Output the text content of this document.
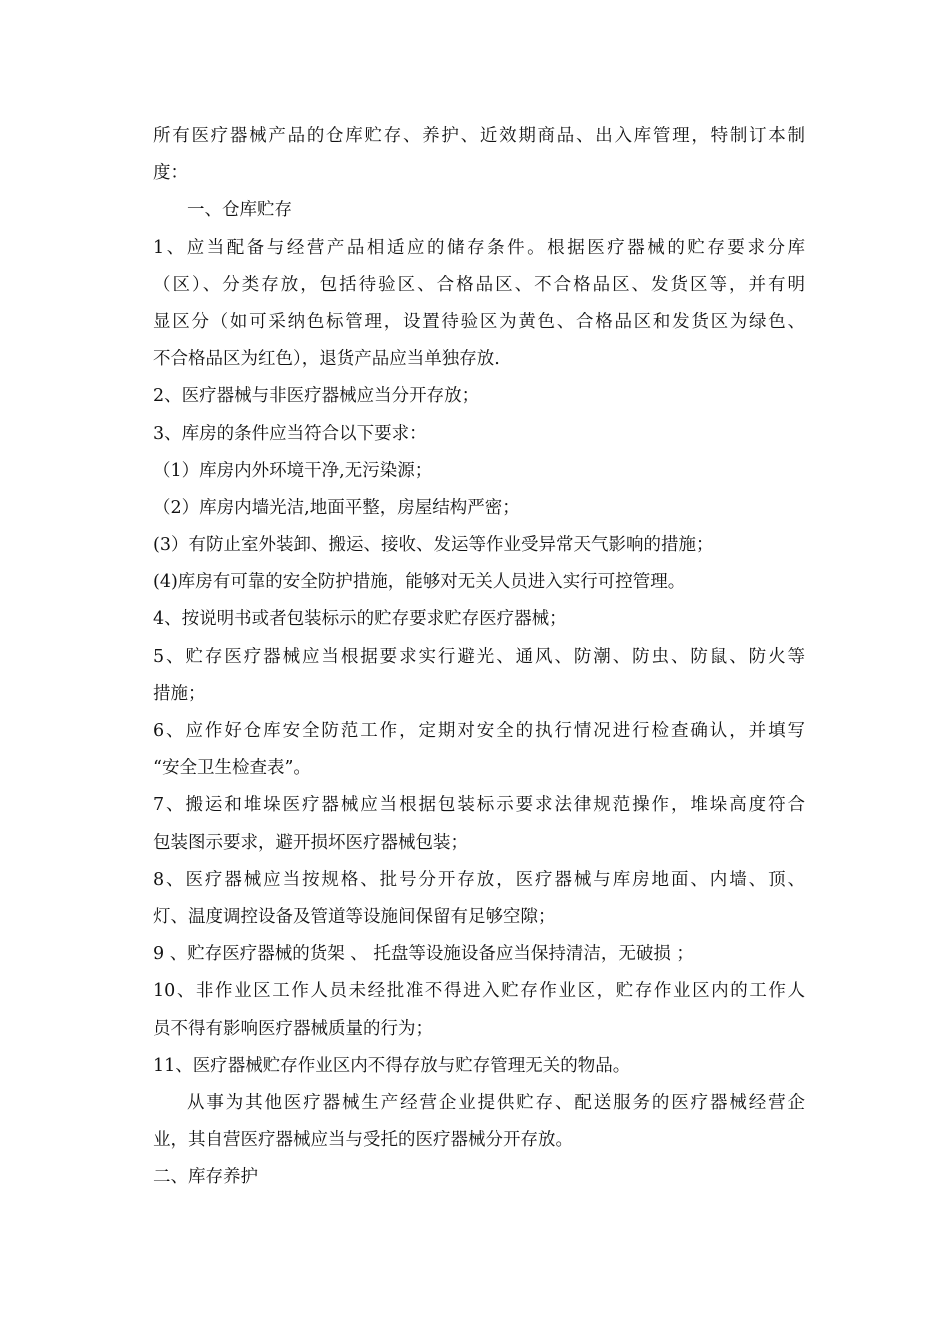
所有医疗器械产品的仓库贮存、养护、近效期商品、出入库管理，特制订本制
度：
一、仓库贮存
1、应当配备与经营产品相适应的储存条件。根据医疗器械的贮存要求分库
（区）、分类存放，包括待验区、合格品区、不合格品区、发货区等，并有明
显区分（如可采纳色标管理，设置待验区为黄色、合格品区和发货区为绿色、
不合格品区为红色），退货产品应当单独存放.
2、医疗器械与非医疗器械应当分开存放；
3、库房的条件应当符合以下要求：
（1）库房内外环境干净,无污染源；
（2）库房内墙光洁,地面平整，房屋结构严密；
(3）有防止室外装卸、搬运、接收、发运等作业受异常天气影响的措施；
(4)库房有可靠的安全防护措施，能够对无关人员进入实行可控管理。
4、按说明书或者包装标示的贮存要求贮存医疗器械；
5、贮存医疗器械应当根据要求实行避光、通风、防潮、防虫、防鼠、防火等
措施；
6、应作好仓库安全防范工作，定期对安全的执行情况进行检查确认，并填写
“安全卫生检查表”。
7、搬运和堆垛医疗器械应当根据包装标示要求法律规范操作，堆垛高度符合
包装图示要求，避开损坏医疗器械包装；
8、医疗器械应当按规格、批号分开存放，医疗器械与库房地面、内墙、顶、
灯、温度调控设备及管道等设施间保留有足够空隙；
9 、贮存医疗器械的货架 、 托盘等设施设备应当保持清洁，无破损 ；
10、非作业区工作人员未经批准不得进入贮存作业区，贮存作业区内的工作人
员不得有影响医疗器械质量的行为；
11、医疗器械贮存作业区内不得存放与贮存管理无关的物品。
从事为其他医疗器械生产经营企业提供贮存、配送服务的医疗器械经营企
业，其自营医疗器械应当与受托的医疗器械分开存放。
二、库存养护
